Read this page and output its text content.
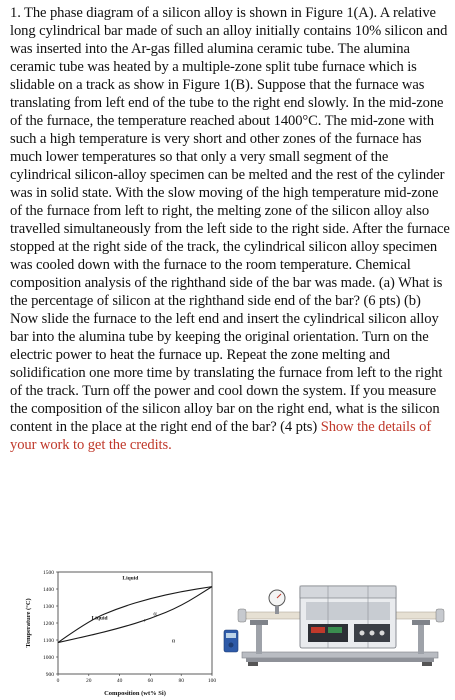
1. The phase diagram of a silicon alloy is shown in Figure 1(A). A relative long cylindrical bar made of such an alloy initially contains 10% silicon and was inserted into the Ar-gas filled alumina ceramic tube. The alumina ceramic tube was heated by a multiple-zone split tube furnace which is slidable on a track as show in Figure 1(B). Suppose that the furnace was translating from left end of the tube to the right end slowly. In the mid-zone of the furnace, the temperature reached about 1400°C. The mid-zone with such a high temperature is very short and other zones of the furnace has much lower temperatures so that only a very small segment of the cylindrical silicon-alloy specimen can be melted and the rest of the cylinder was in solid state. With the slow moving of the high temperature mid-zone of the furnace from left to right, the melting zone of the silicon alloy also travelled simultaneously from the left side to the right side. After the furnace stopped at the right side of the track, the cylindrical silicon alloy specimen was cooled down with the furnace to the room temperature. Chemical composition analysis of the righthand side of the bar was made. (a) What is the percentage of silicon at the righthand side end of the bar? (6 pts) (b) Now slide the furnace to the left end and insert the cylindrical silicon alloy bar into the alumina tube by keeping the original orientation. Turn on the electric power to heat the furnace up. Repeat the zone melting and solidification one more time by translating the furnace from left to the right of the track. Turn off the power and cool down the system. If you measure the composition of the silicon alloy bar on the right end, what is the silicon content in the place at the right end of the bar? (4 pts) Show the details of your work to get the credits.
900
1000
1100
1200
1300
1400
1500
0	20	40	60	80	100
Composition (wt% Si)
Temperature (°C)
Liquid
Liquid
α
+
α
